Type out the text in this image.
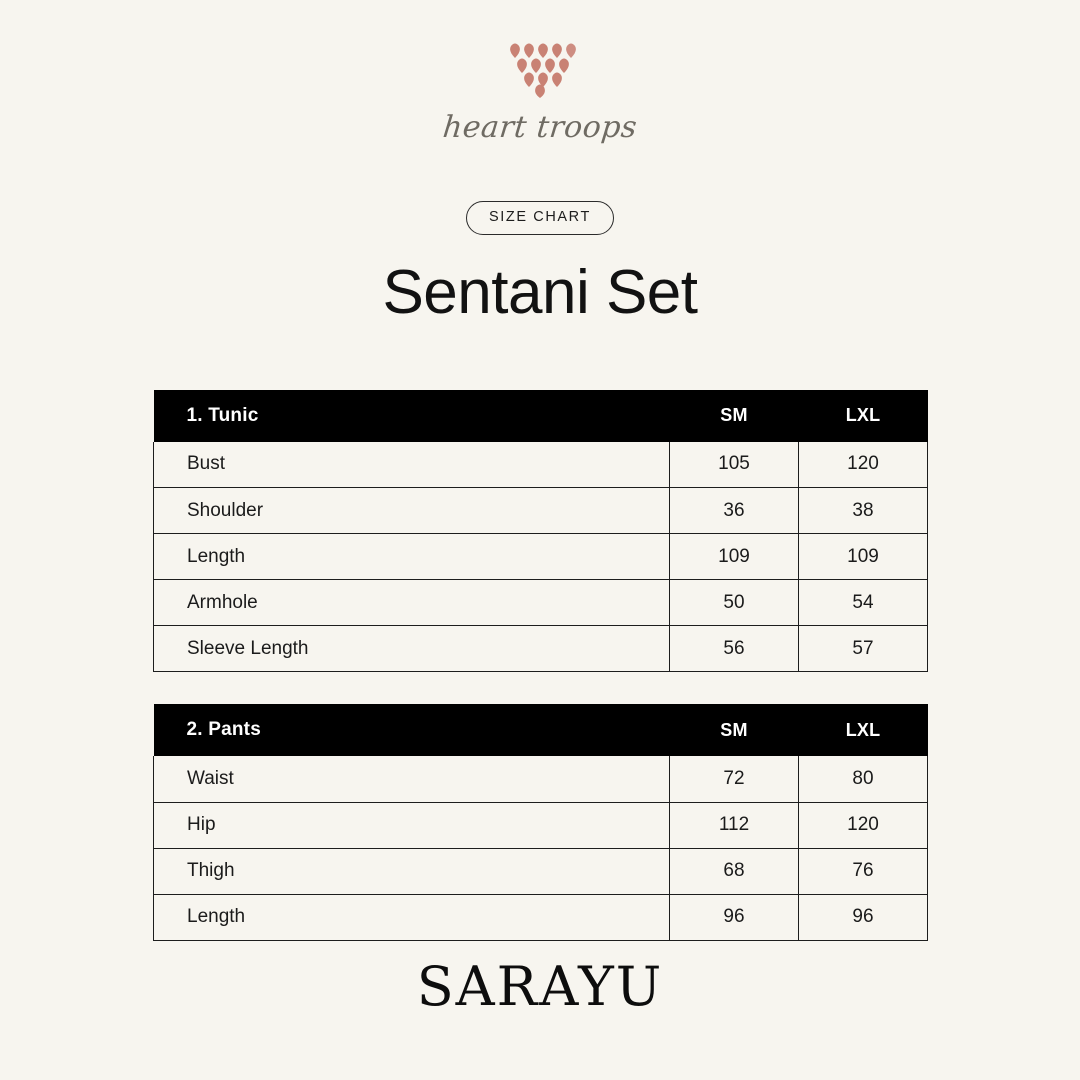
heart troops
SIZE CHART
Sentani Set
1. Tunic	SM	LXL
Bust	105	120
Shoulder	36	38
Length	109	109
Armhole	50	54
Sleeve Length	56	57
2. Pants	SM	LXL
Waist	72	80
Hip	112	120
Thigh	68	76
Length	96	96
SARAYU
